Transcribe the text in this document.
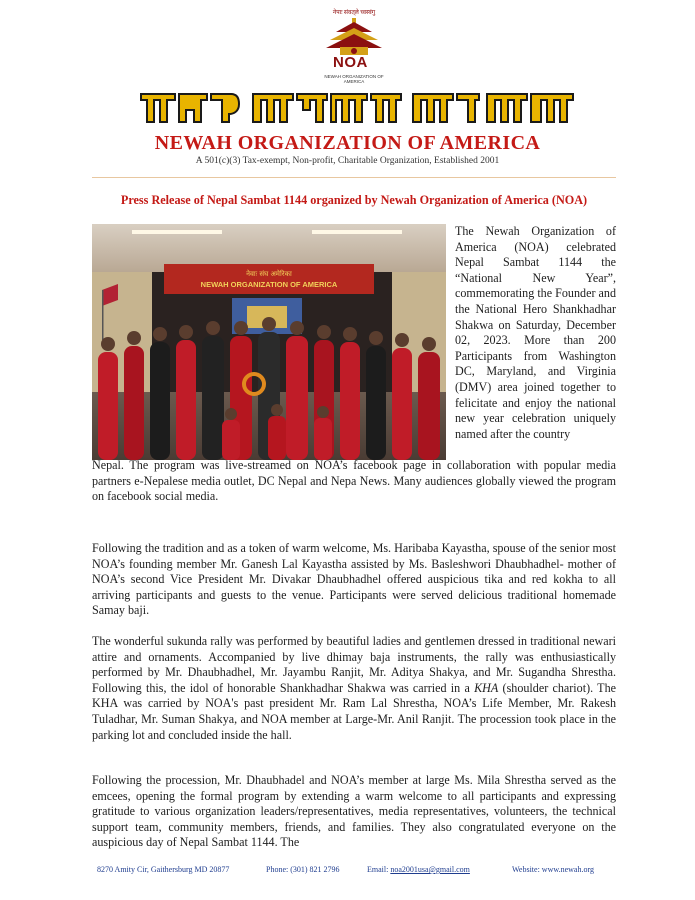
नेपाः संवत्‌ले च्वस्वंगु
NOA
NEWAH ORGANIZATION OF AMERICA
NEWAH ORGANIZATION OF AMERICA
A 501(c)(3) Tax-exempt, Non-profit, Charitable Organization, Established 2001
Press Release of Nepal Sambat 1144 organized by Newah Organization of America (NOA)
नेवाः संघ अमेरिका
NEWAH ORGANIZATION OF AMERICA

The Newah Organization of America (NOA) celebrated Nepal Sambat 1144 the “National New Year”, commemorating the Founder and the National Hero Shankhadhar Shakwa on Saturday, December 02, 2023. More than 200 Participants from Washington DC, Maryland, and Virginia (DMV) area joined together to felicitate and enjoy the national new year celebration uniquely named after the country

Nepal. The program was live-streamed on NOA’s facebook page in collaboration with popular media partners e-Nepalese media outlet, DC Nepal and Nepa News. Many audiences globally viewed the program on facebook social media.

Following the tradition and as a token of warm welcome, Ms. Haribaba Kayastha, spouse of the senior most NOA’s founding member Mr. Ganesh Lal Kayastha assisted by Ms. Basleshwori Dhaubhadhel- mother of NOA’s second Vice President Mr. Divakar Dhaubhadhel offered auspicious tika and red kokha to all arriving participants and guests to the venue. Participants were served delicious traditional homemade Samay baji.

The wonderful sukunda rally was performed by beautiful ladies and gentlemen dressed in traditional newari attire and ornaments. Accompanied by live dhimay baja instruments, the rally was enthusiastically performed by Mr. Dhaubhadhel, Mr. Jayambu Ranjit, Mr. Aditya Shakya, and Mr. Sugandha Shrestha. Following this, the idol of honorable Shankhadhar Shakwa was carried in a KHA (shoulder chariot). The KHA was carried by NOA's past president Mr. Ram Lal Shrestha, NOA’s Life Member, Mr. Rakesh Tuladhar, Mr. Suman Shakya, and NOA member at Large-Mr. Anil Ranjit. The procession took place in the parking lot and concluded inside the hall.

Following the procession, Mr. Dhaubhadel and NOA’s member at large Ms. Mila Shrestha served as the emcees, opening the formal program by extending a warm welcome to all participants and expressing gratitude to various organization leaders/representatives, media representatives, volunteers, the technical support team, community members, friends, and families. They also congratulated everyone on the auspicious day of Nepal Sambat 1144. The

8270 Amity Cir, Gaithersburg MD 20877	Phone: (301) 821 2796	Email: noa2001usa@gmail.com	Website: www.newah.org
